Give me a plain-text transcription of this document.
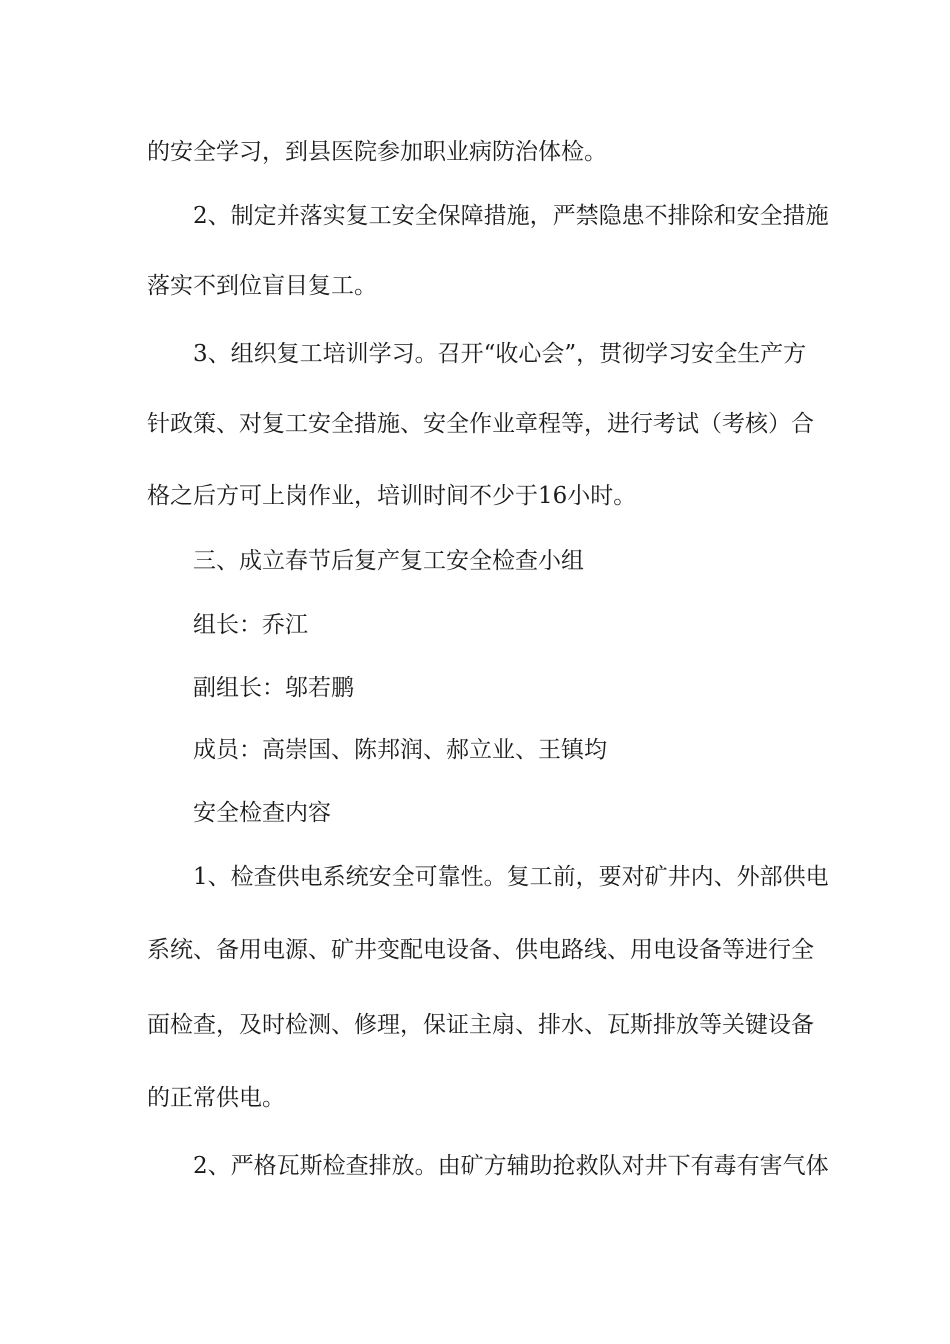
的安全学习，到县医院参加职业病防治体检。

2、制定并落实复工安全保障措施，严禁隐患不排除和安全措施

落实不到位盲目复工。

3、组织复工培训学习。召开“收心会”，贯彻学习安全生产方

针政策、对复工安全措施、安全作业章程等，进行考试（考核）合

格之后方可上岗作业，培训时间不少于16小时。

三、成立春节后复产复工安全检查小组

组长：乔江

副组长：邬若鹏

成员：高崇国、陈邦润、郝立业、王镇均

安全检查内容

1、检查供电系统安全可靠性。复工前，要对矿井内、外部供电

系统、备用电源、矿井变配电设备、供电路线、用电设备等进行全

面检查，及时检测、修理，保证主扇、排水、瓦斯排放等关键设备

的正常供电。

2、严格瓦斯检查排放。由矿方辅助抢救队对井下有毒有害气体
